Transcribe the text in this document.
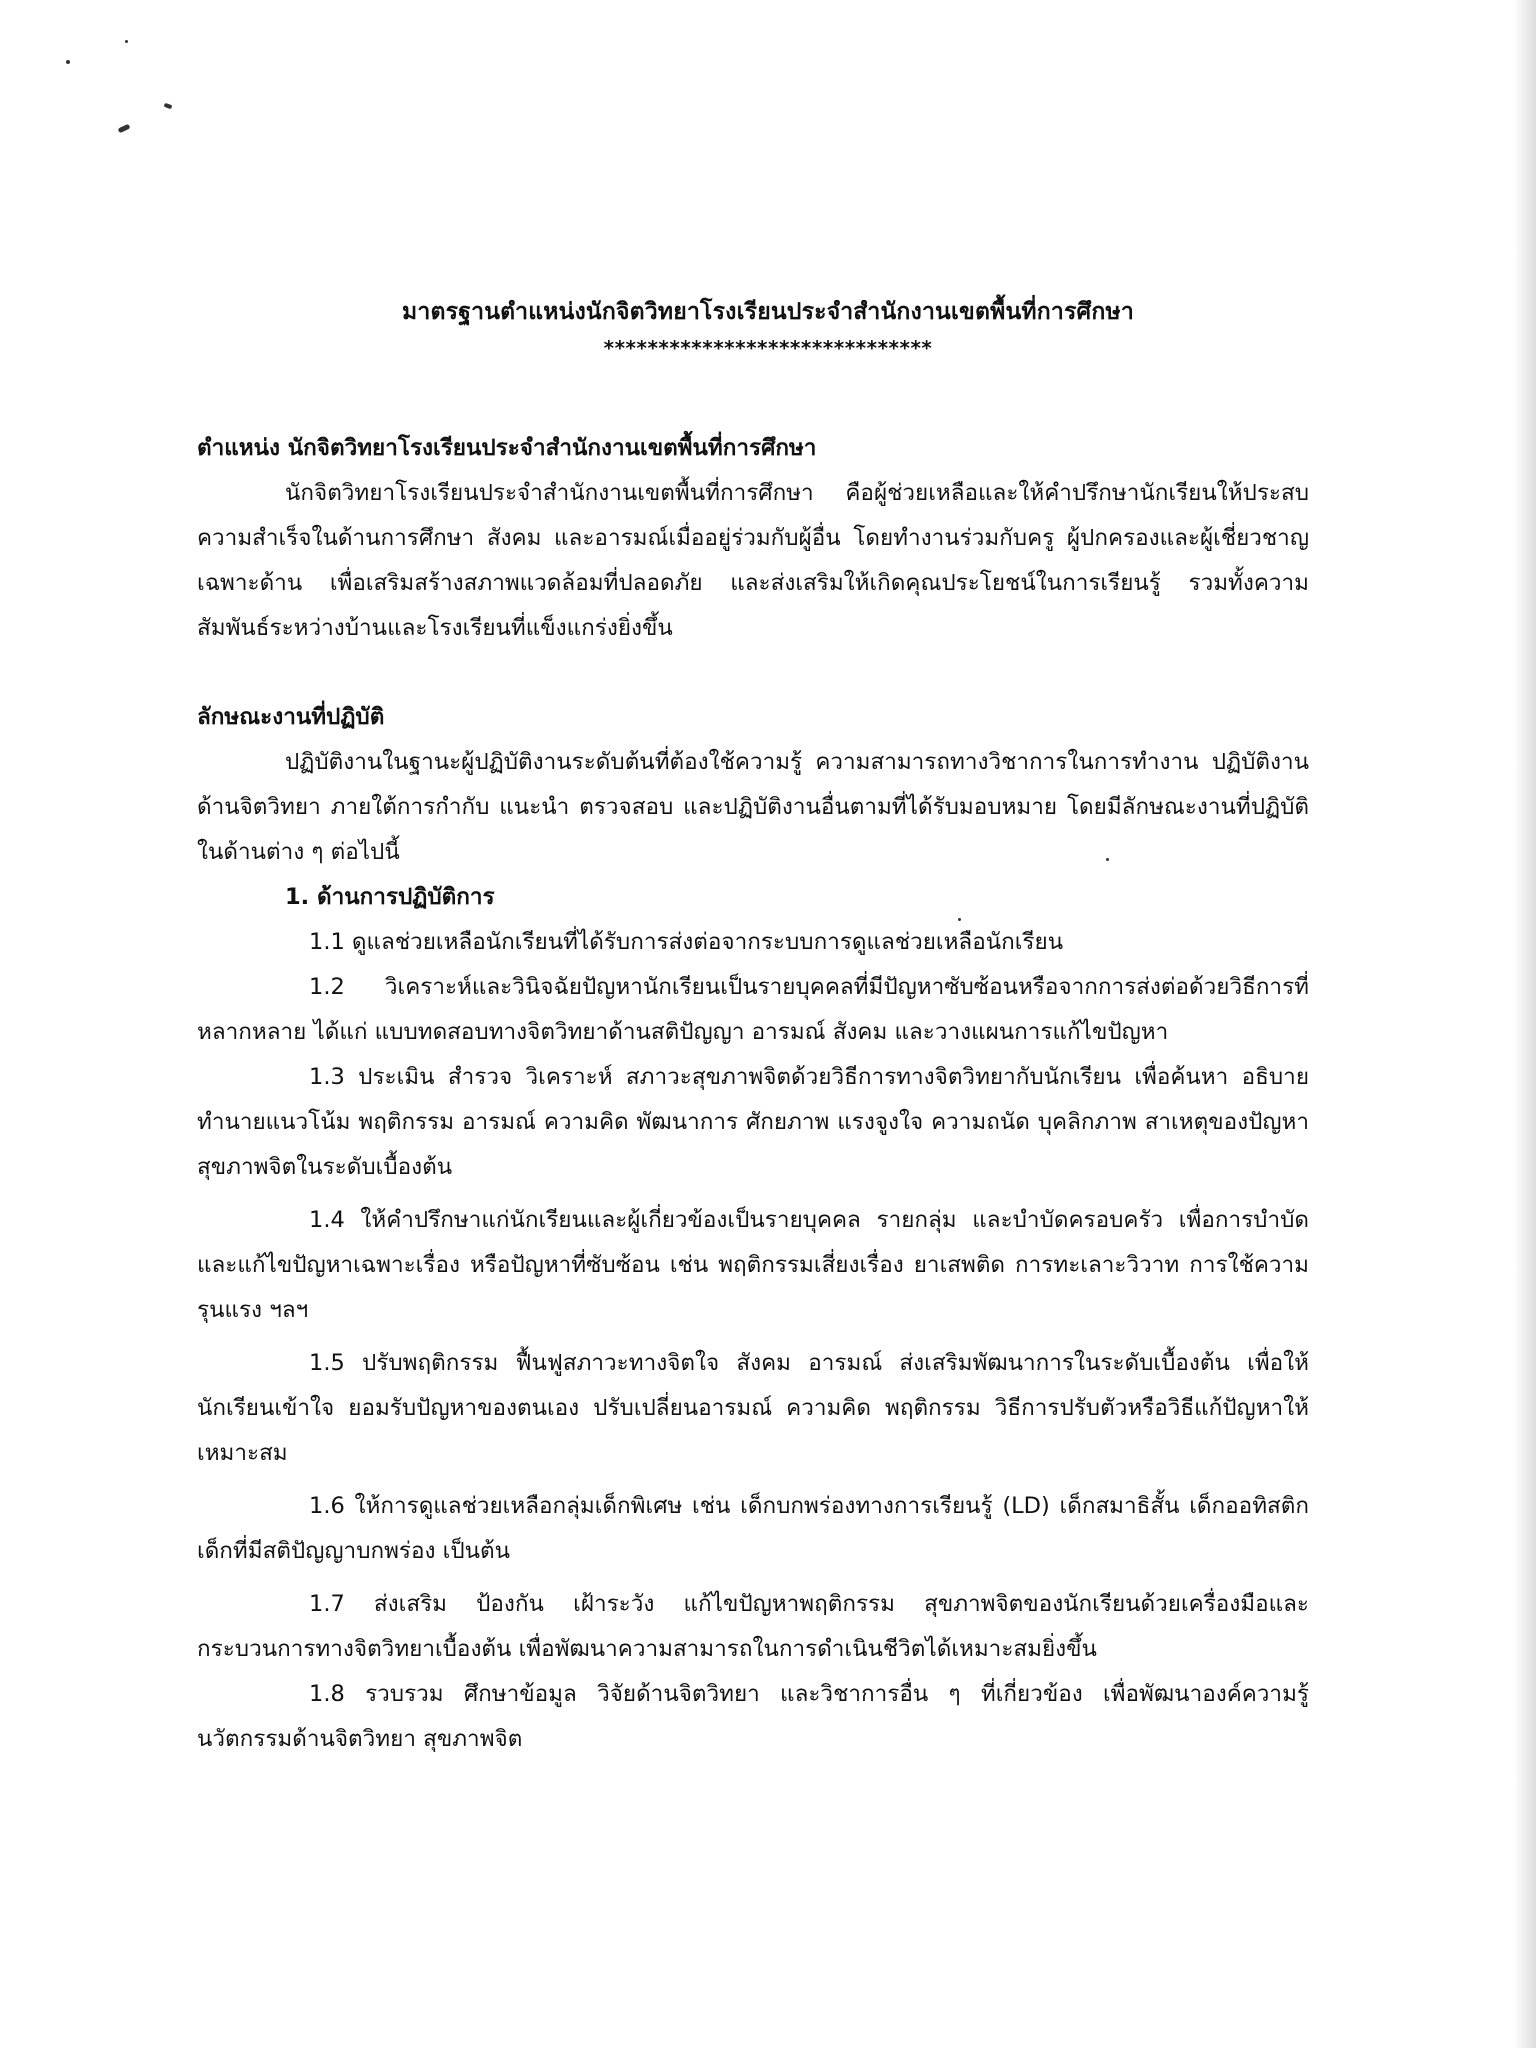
มาตรฐานตำแหน่งนักจิตวิทยาโรงเรียนประจำสำนักงานเขตพื้นที่การศึกษา
******************************

ตำแหน่ง นักจิตวิทยาโรงเรียนประจำสำนักงานเขตพื้นที่การศึกษา

นักจิตวิทยาโรงเรียนประจำสำนักงานเขตพื้นที่การศึกษา คือผู้ช่วยเหลือและให้คำปรึกษานักเรียนให้ประสบความสำเร็จในด้านการศึกษา สังคม และอารมณ์เมื่ออยู่ร่วมกับผู้อื่น โดยทำงานร่วมกับครู ผู้ปกครองและผู้เชี่ยวชาญเฉพาะด้าน เพื่อเสริมสร้างสภาพแวดล้อมที่ปลอดภัย และส่งเสริมให้เกิดคุณประโยชน์ในการเรียนรู้ รวมทั้งความสัมพันธ์ระหว่างบ้านและโรงเรียนที่แข็งแกร่งยิ่งขึ้น

ลักษณะงานที่ปฏิบัติ

ปฏิบัติงานในฐานะผู้ปฏิบัติงานระดับต้นที่ต้องใช้ความรู้ ความสามารถทางวิชาการในการทำงาน ปฏิบัติงานด้านจิตวิทยา ภายใต้การกำกับ แนะนำ ตรวจสอบ และปฏิบัติงานอื่นตามที่ได้รับมอบหมาย โดยมีลักษณะงานที่ปฏิบัติในด้านต่าง ๆ ต่อไปนี้

1. ด้านการปฏิบัติการ

1.1 ดูแลช่วยเหลือนักเรียนที่ได้รับการส่งต่อจากระบบการดูแลช่วยเหลือนักเรียน

1.2 วิเคราะห์และวินิจฉัยปัญหานักเรียนเป็นรายบุคคลที่มีปัญหาซับซ้อนหรือจากการส่งต่อด้วยวิธีการที่หลากหลาย ได้แก่ แบบทดสอบทางจิตวิทยาด้านสติปัญญา อารมณ์ สังคม และวางแผนการแก้ไขปัญหา

1.3 ประเมิน สำรวจ วิเคราะห์ สภาวะสุขภาพจิตด้วยวิธีการทางจิตวิทยากับนักเรียน เพื่อค้นหา อธิบาย ทำนายแนวโน้ม พฤติกรรม อารมณ์ ความคิด พัฒนาการ ศักยภาพ แรงจูงใจ ความถนัด บุคลิกภาพ สาเหตุของปัญหาสุขภาพจิตในระดับเบื้องต้น

1.4 ให้คำปรึกษาแก่นักเรียนและผู้เกี่ยวข้องเป็นรายบุคคล รายกลุ่ม และบำบัดครอบครัว เพื่อการบำบัดและแก้ไขปัญหาเฉพาะเรื่อง หรือปัญหาที่ซับซ้อน เช่น พฤติกรรมเสี่ยงเรื่อง ยาเสพติด การทะเลาะวิวาท การใช้ความรุนแรง ฯลฯ

1.5 ปรับพฤติกรรม ฟื้นฟูสภาวะทางจิตใจ สังคม อารมณ์ ส่งเสริมพัฒนาการในระดับเบื้องต้น เพื่อให้นักเรียนเข้าใจ ยอมรับปัญหาของตนเอง ปรับเปลี่ยนอารมณ์ ความคิด พฤติกรรม วิธีการปรับตัวหรือวิธีแก้ปัญหาให้เหมาะสม

1.6 ให้การดูแลช่วยเหลือกลุ่มเด็กพิเศษ เช่น เด็กบกพร่องทางการเรียนรู้ (LD) เด็กสมาธิสั้น เด็กออทิสติก เด็กที่มีสติปัญญาบกพร่อง เป็นต้น

1.7 ส่งเสริม ป้องกัน เฝ้าระวัง แก้ไขปัญหาพฤติกรรม สุขภาพจิตของนักเรียนด้วยเครื่องมือและกระบวนการทางจิตวิทยาเบื้องต้น เพื่อพัฒนาความสามารถในการดำเนินชีวิตได้เหมาะสมยิ่งขึ้น

1.8 รวบรวม ศึกษาข้อมูล วิจัยด้านจิตวิทยา และวิชาการอื่น ๆ ที่เกี่ยวข้อง เพื่อพัฒนาองค์ความรู้ นวัตกรรมด้านจิตวิทยา สุขภาพจิต
